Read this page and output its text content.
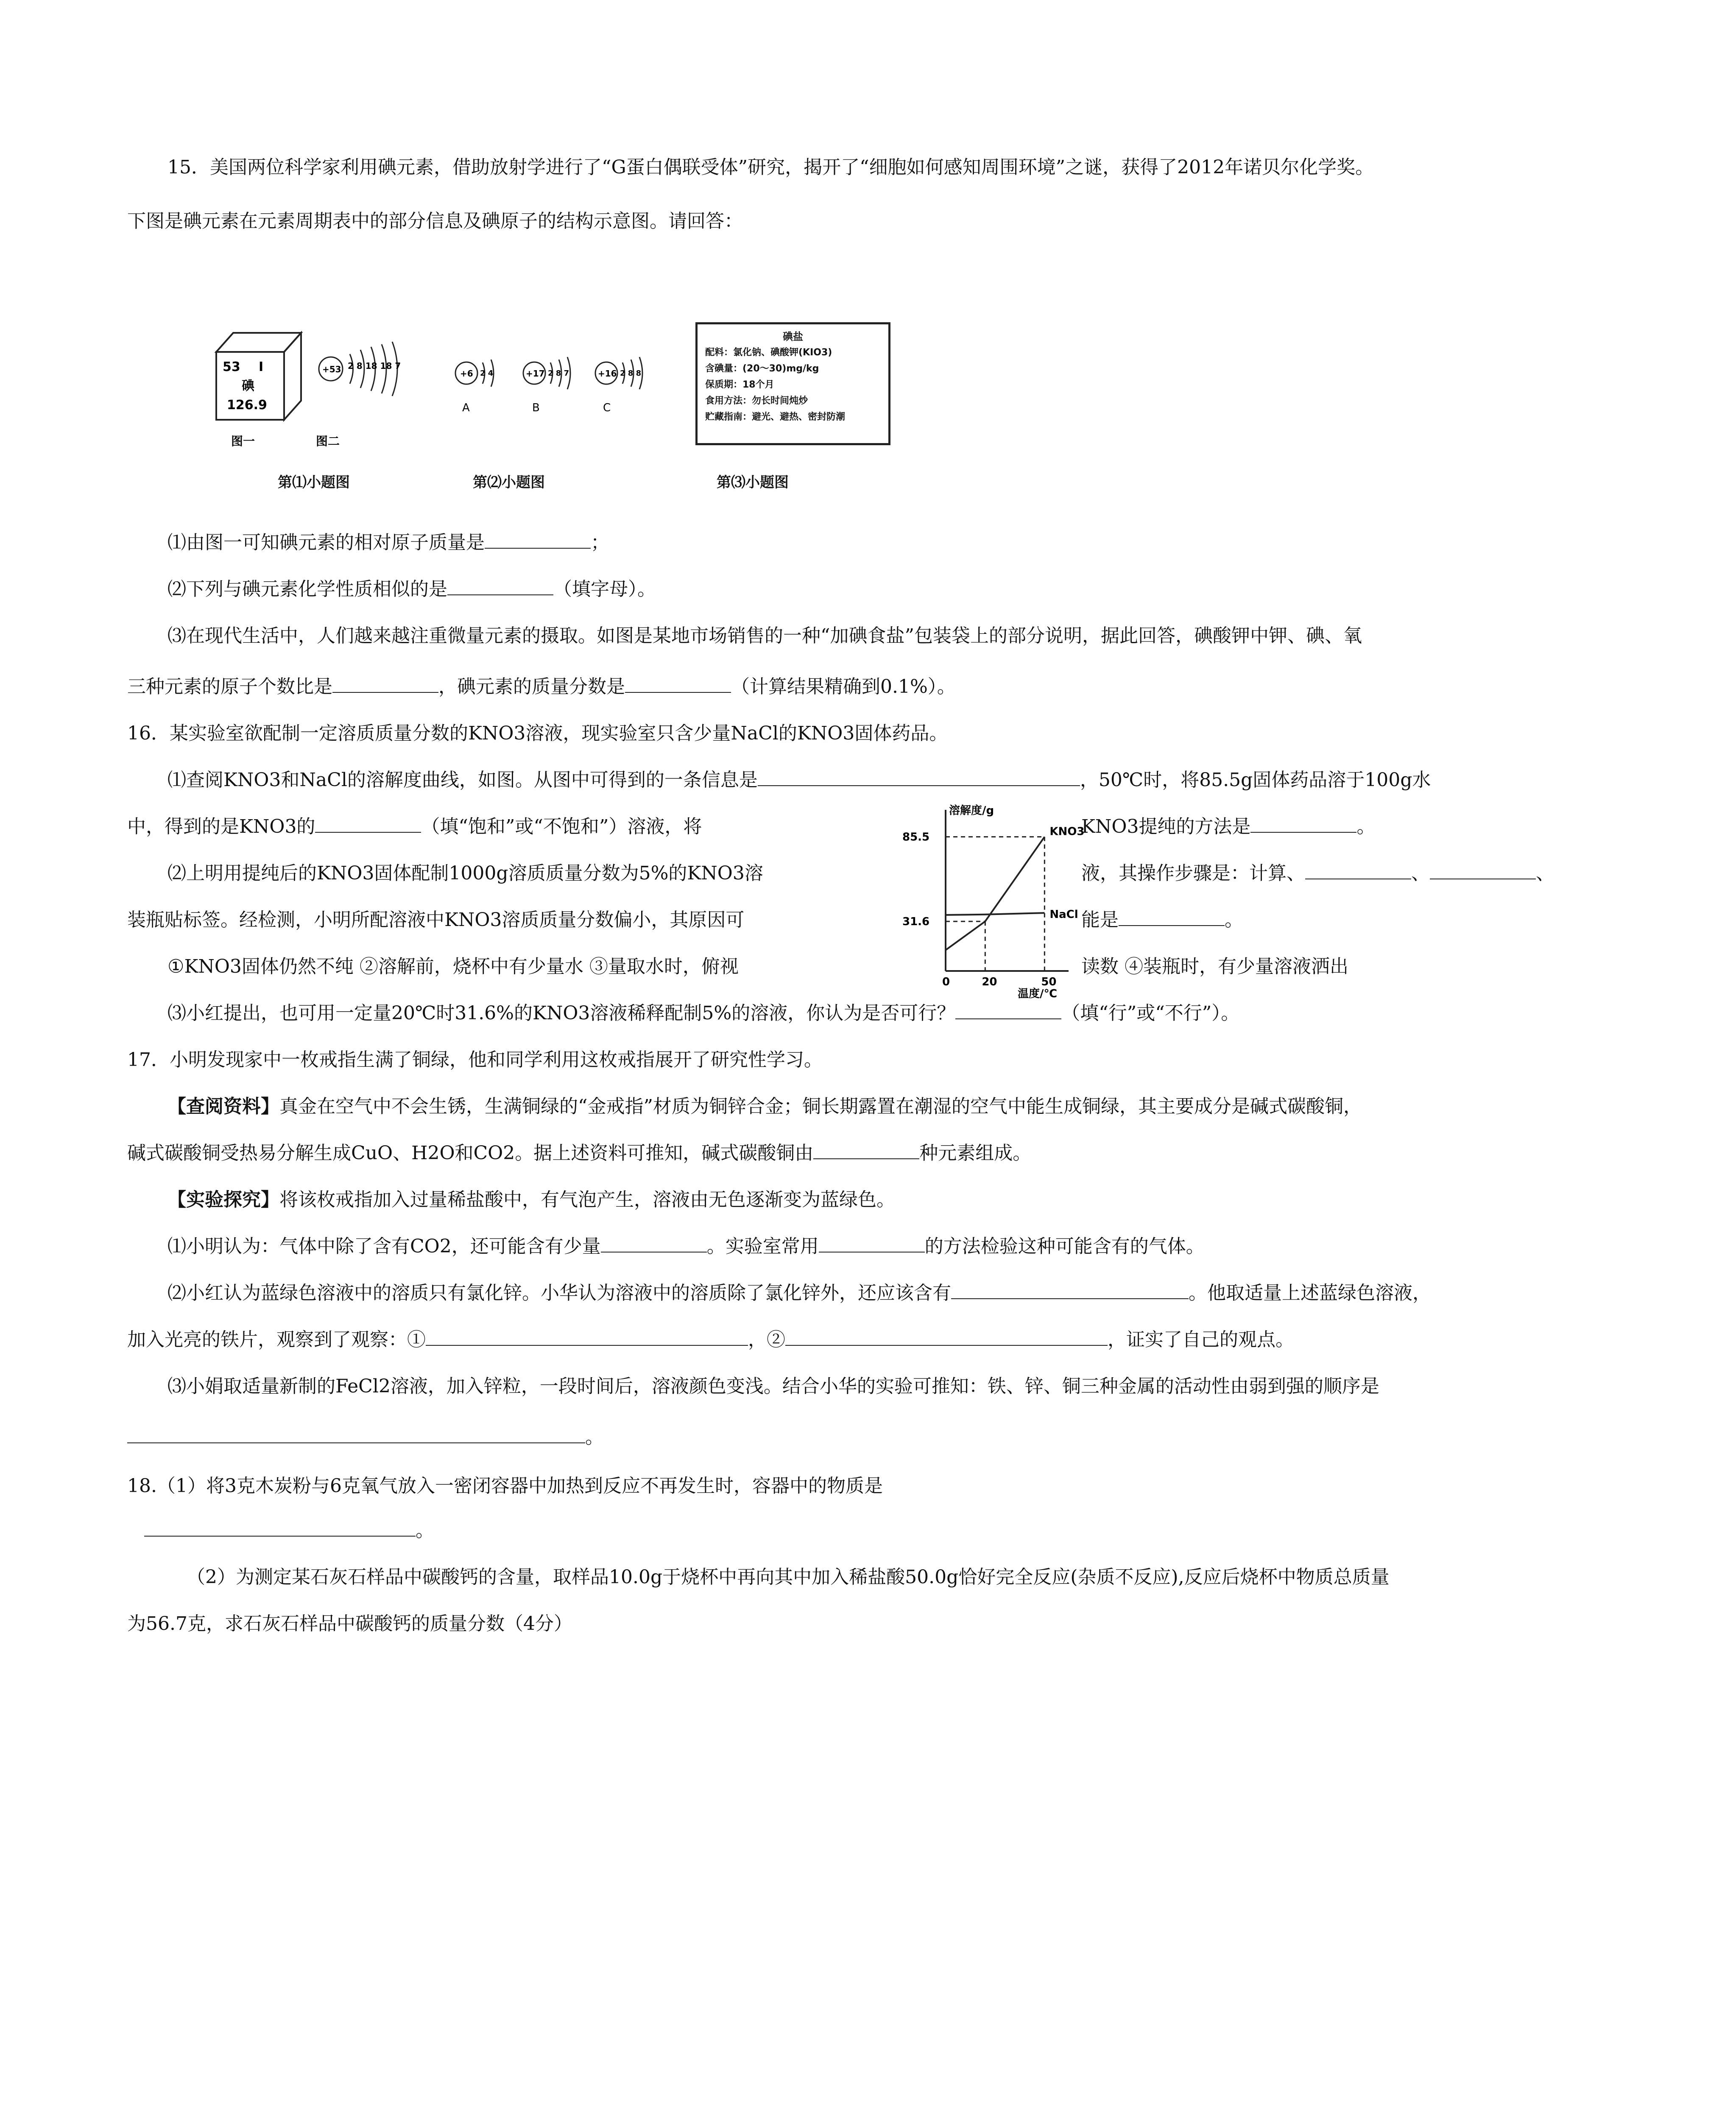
15．美国两位科学家利用碘元素，借助放射学进行了“G蛋白偶联受体”研究，揭开了“细胞如何感知周围环境”之谜，获得了2012年诺贝尔化学奖。
下图是碘元素在元素周期表中的部分信息及碘原子的结构示意图。请回答：
53 I
碘
126.9
图一
+53 2 8 18 18 7
图二
第⑴小题图
+6 2 4
A
+17 2 8 7
B
+16 2 8 8
C
第⑵小题图
碘盐
配料：氯化钠、碘酸钾(KIO3)
含碘量：(20～30)mg/kg
保质期：18个月
食用方法：勿长时间炖炒
贮藏指南：避光、避热、密封防潮
第⑶小题图
⑴由图一可知碘元素的相对原子质量是	；
⑵下列与碘元素化学性质相似的是	（填字母）。
⑶在现代生活中，人们越来越注重微量元素的摄取。如图是某地市场销售的一种“加碘食盐”包装袋上的部分说明，据此回答，碘酸钾中钾、碘、氧
三种元素的原子个数比是	，碘元素的质量分数是	（计算结果精确到0.1%）。
16．某实验室欲配制一定溶质质量分数的KNO3溶液，现实验室只含少量NaCl的KNO3固体药品。
⑴查阅KNO3和NaCl的溶解度曲线，如图。从图中可得到的一条信息是	，50℃时，将85.5g固体药品溶于100g水
中，得到的是KNO3的	（填“饱和”或“不饱和”）溶液，将	KNO3提纯的方法是	。
溶解度/g
温度/℃
0	20	50
31.6
85.5	KNO3
NaCl
⑵上明用提纯后的KNO3固体配制1000g溶质质量分数为5%的KNO3溶	液，其操作步骤是：计算、	、	、
装瓶贴标签。经检测，小明所配溶液中KNO3溶质质量分数偏小，其原因可	能是	。
①KNO3固体仍然不纯 ②溶解前，烧杯中有少量水 ③量取水时，俯视	读数 ④装瓶时，有少量溶液洒出
⑶小红提出，也可用一定量20℃时31.6%的KNO3溶液稀释配制5%的溶液，你认为是否可行？	（填“行”或“不行”）。
17．小明发现家中一枚戒指生满了铜绿，他和同学利用这枚戒指展开了研究性学习。
【查阅资料】真金在空气中不会生锈，生满铜绿的“金戒指”材质为铜锌合金；铜长期露置在潮湿的空气中能生成铜绿，其主要成分是碱式碳酸铜，
碱式碳酸铜受热易分解生成CuO、H2O和CO2。据上述资料可推知，碱式碳酸铜由	种元素组成。
【实验探究】将该枚戒指加入过量稀盐酸中，有气泡产生，溶液由无色逐渐变为蓝绿色。
⑴小明认为：气体中除了含有CO2，还可能含有少量	。实验室常用	的方法检验这种可能含有的气体。
⑵小红认为蓝绿色溶液中的溶质只有氯化锌。小华认为溶液中的溶质除了氯化锌外，还应该含有	。他取适量上述蓝绿色溶液，
加入光亮的铁片，观察到了观察：①	，②	，证实了自己的观点。
⑶小娟取适量新制的FeCl2溶液，加入锌粒，一段时间后，溶液颜色变浅。结合小华的实验可推知：铁、锌、铜三种金属的活动性由弱到强的顺序是
。
18.（1）将3克木炭粉与6克氧气放入一密闭容器中加热到反应不再发生时，容器中的物质是
。
（2）为测定某石灰石样品中碳酸钙的含量，取样品10.0g于烧杯中再向其中加入稀盐酸50.0g恰好完全反应(杂质不反应),反应后烧杯中物质总质量
为56.7克，求石灰石样品中碳酸钙的质量分数（4分）
